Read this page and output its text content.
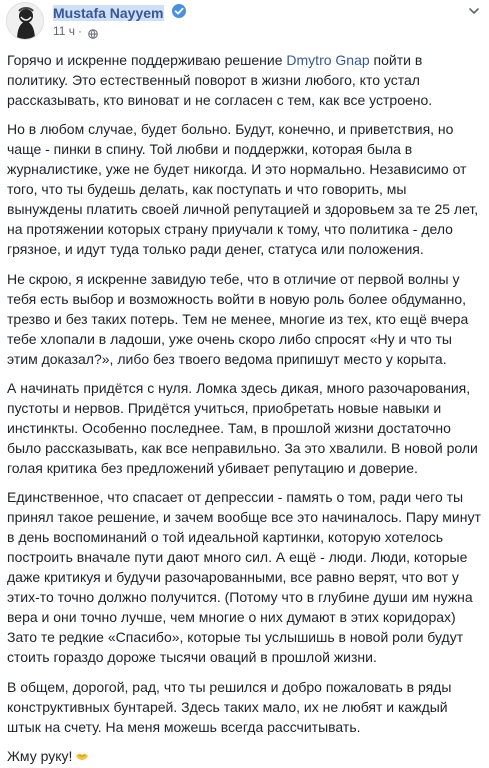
Mustafa Nayyem
11 ч ·

Горячо и искренне поддерживаю решение Dmytro Gnap пойти в
политику. Это естественный поворот в жизни любого, кто устал
рассказывать, кто виноват и не согласен с тем, как все устроено.

Но в любом случае, будет больно. Будут, конечно, и приветствия, но
чаще - пинки в спину. Той любви и поддержки, которая была в
журналистике, уже не будет никогда. И это нормально. Независимо от
того, что ты будешь делать, как поступать и что говорить, мы
вынуждены платить своей личной репутацией и здоровьем за те 25 лет,
на протяжении которых страну приучали к тому, что политика - дело
грязное, и идут туда только ради денег, статуса или положения.

Не скрою, я искренне завидую тебе, что в отличие от первой волны у
тебя есть выбор и возможность войти в новую роль более обдуманно,
трезво и без таких потерь. Тем не менее, многие из тех, кто ещё вчера
тебе хлопали в ладоши, уже очень скоро либо спросят «Ну и что ты
этим доказал?», либо без твоего ведома припишут место у корыта.

А начинать придётся с нуля. Ломка здесь дикая, много разочарования,
пустоты и нервов. Придётся учиться, приобретать новые навыки и
инстинкты. Особенно последнее. Там, в прошлой жизни достаточно
было рассказывать, как все неправильно. За это хвалили. В новой роли
голая критика без предложений убивает репутацию и доверие.

Единственное, что спасает от депрессии - память о том, ради чего ты
принял такое решение, и зачем вообще все это начиналось. Пару минут
в день воспоминаний о той идеальной картинки, которую хотелось
построить вначале пути дают много сил. А ещё - люди. Люди, которые
даже критикуя и будучи разочарованными, все равно верят, что вот у
этих-то точно должно получится. (Потому что в глубине души им нужна
вера и они точно лучше, чем многие о них думают в этих коридорах)
Зато те редкие «Спасибо», которые ты услышишь в новой роли будут
стоить гораздо дороже тысячи оваций в прошлой жизни.

В общем, дорогой, рад, что ты решился и добро пожаловать в ряды
конструктивных бунтарей. Здесь таких мало, их не любят и каждый
штык на счету. На меня можешь всегда рассчитывать.

Жму руку!
